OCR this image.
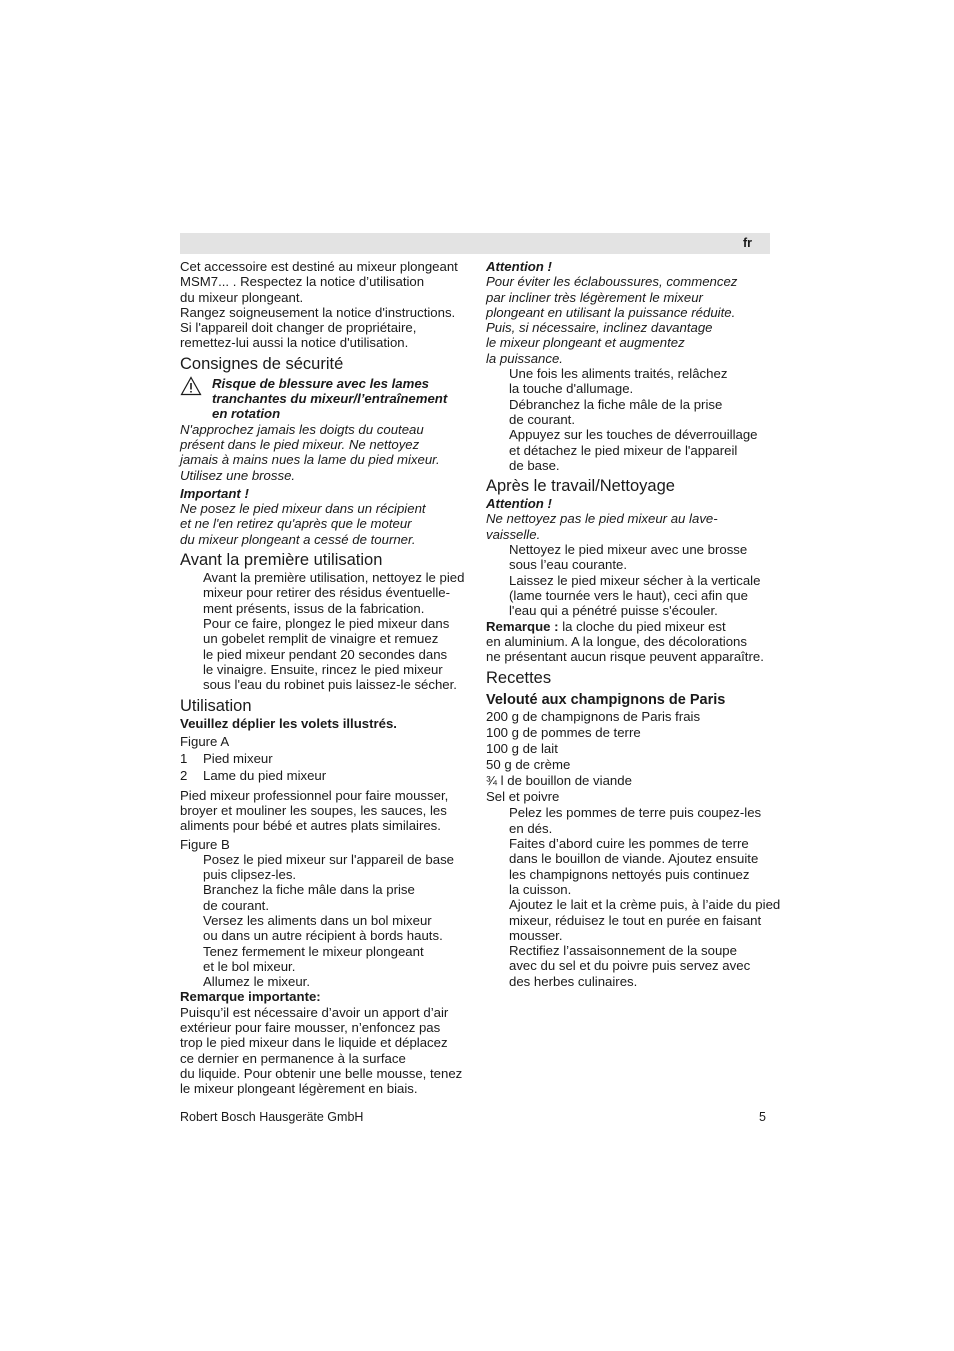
fr

Cet accessoire est destiné au mixeur plongeant
MSM7... . Respectez la notice d’utilisation
du mixeur plongeant.
Rangez soigneusement la notice d'instructions.
Si l'appareil doit changer de propriétaire,
remettez-lui aussi la notice d'utilisation.

Consignes de sécurité
Risque de blessure avec les lames
tranchantes du mixeur/l’entraînement
en rotation

N'approchez jamais les doigts du couteau
présent dans le pied mixeur. Ne nettoyez
jamais à mains nues la lame du pied mixeur.
Utilisez une brosse.

Important !

Ne posez le pied mixeur dans un récipient
et ne l'en retirez qu'après que le moteur
du mixeur plongeant a cessé de tourner.

Avant la première utilisation

Avant la première utilisation, nettoyez le pied
mixeur pour retirer des résidus éventuelle-
ment présents, issus de la fabrication.
Pour ce faire, plongez le pied mixeur dans
un gobelet remplit de vinaigre et remuez
le pied mixeur pendant 20 secondes dans
le vinaigre. Ensuite, rincez le pied mixeur
sous l'eau du robinet puis laissez-le sécher.

Utilisation
Veuillez déplier les volets illustrés.
Figure A
1	Pied mixeur
2	Lame du pied mixeur

Pied mixeur professionnel pour faire mousser,
broyer et mouliner les soupes, les sauces, les
aliments pour bébé et autres plats similaires.

Figure B

Posez le pied mixeur sur l'appareil de base
puis clipsez-les.
Branchez la fiche mâle dans la prise
de courant.
Versez les aliments dans un bol mixeur
ou dans un autre récipient à bords hauts.
Tenez fermement le mixeur plongeant
et le bol mixeur.
Allumez le mixeur.

Remarque importante:

Puisqu’il est nécessaire d’avoir un apport d’air
extérieur pour faire mousser, n’enfoncez pas
trop le pied mixeur dans le liquide et déplacez
ce dernier en permanence à la surface
du liquide. Pour obtenir une belle mousse, tenez
le mixeur plongeant légèrement en biais.

Attention !

Pour éviter les éclaboussures, commencez
par incliner très légèrement le mixeur
plongeant en utilisant la puissance réduite.
Puis, si nécessaire, inclinez davantage
le mixeur plongeant et augmentez
la puissance.

Une fois les aliments traités, relâchez
la touche d'allumage.
Débranchez la fiche mâle de la prise
de courant.
Appuyez sur les touches de déverrouillage
et détachez le pied mixeur de l'appareil
de base.

Après le travail/Nettoyage
Attention !

Ne nettoyez pas le pied mixeur au lave-
vaisselle.

Nettoyez le pied mixeur avec une brosse
sous l’eau courante.
Laissez le pied mixeur sécher à la verticale
(lame tournée vers le haut), ceci afin que
l'eau qui a pénétré puisse s'écouler.

Remarque : la cloche du pied mixeur est
en aluminium. A la longue, des décolorations
ne présentant aucun risque peuvent apparaître.

Recettes
Velouté aux champignons de Paris

200 g de champignons de Paris frais
100 g de pommes de terre
100 g de lait
50 g de crème
¾ l de bouillon de viande
Sel et poivre

Pelez les pommes de terre puis coupez-les
en dés.
Faites d’abord cuire les pommes de terre
dans le bouillon de viande. Ajoutez ensuite
les champignons nettoyés puis continuez
la cuisson.
Ajoutez le lait et la crème puis, à l’aide du pied
mixeur, réduisez le tout en purée en faisant
mousser.
Rectifiez l’assaisonnement de la soupe
avec du sel et du poivre puis servez avec
des herbes culinaires.

Robert Bosch Hausgeräte GmbH	5
